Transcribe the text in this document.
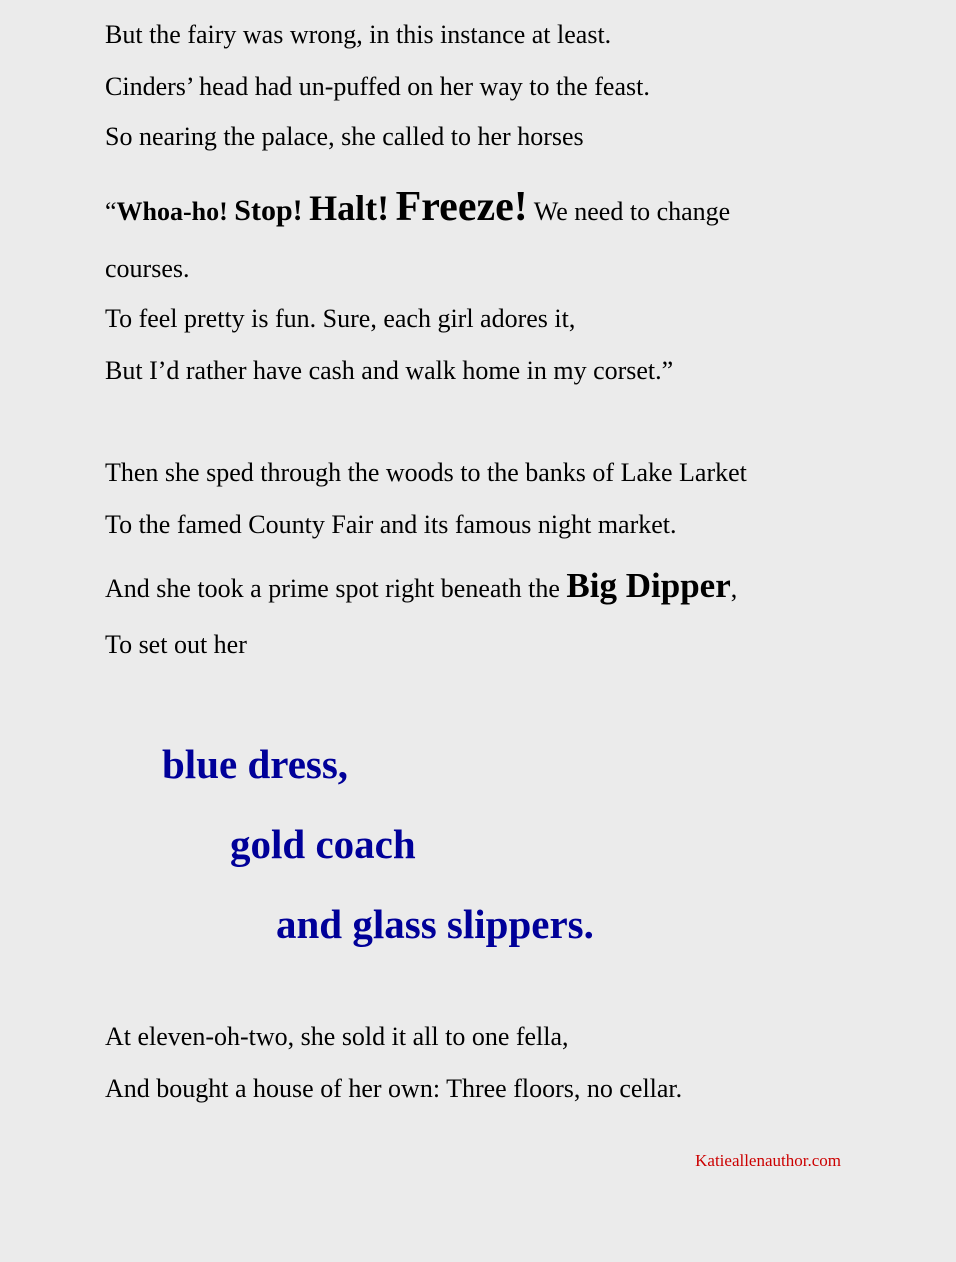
But the fairy was wrong, in this instance at least.
Cinders’ head had un-puffed on her way to the feast.
So nearing the palace, she called to her horses
“Whoa-ho! Stop! Halt! Freeze! We need to change
courses.
To feel pretty is fun. Sure, each girl adores it,
But I’d rather have cash and walk home in my corset.”
Then she sped through the woods to the banks of Lake Larket
To the famed County Fair and its famous night market.
And she took a prime spot right beneath the Big Dipper,
To set out her
blue dress,
gold coach
and glass slippers.
At eleven-oh-two, she sold it all to one fella,
And bought a house of her own: Three floors, no cellar.
Katieallenauthor.com
